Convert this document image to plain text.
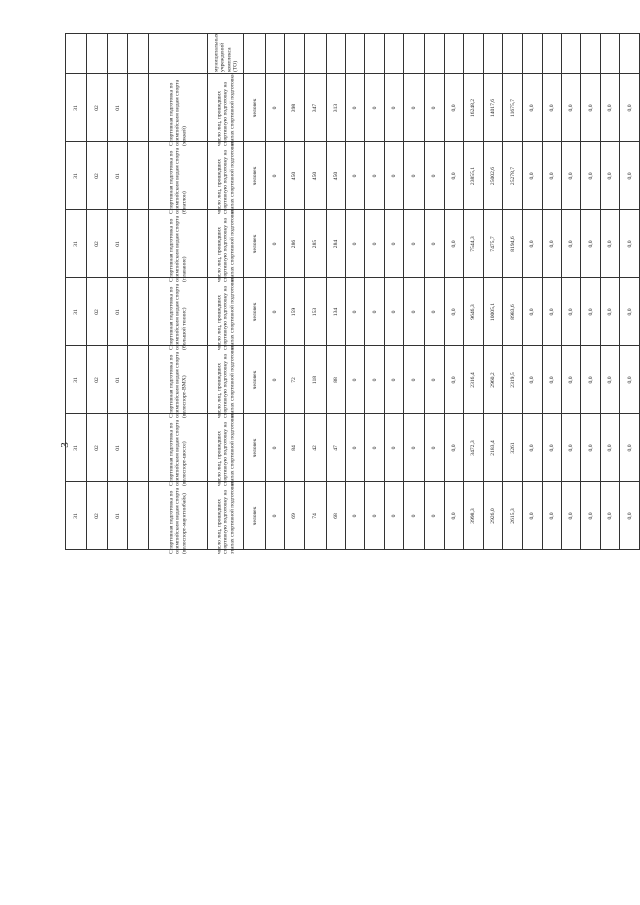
3

					муниципальных
учреждений
комплекса (ТО)																				

31	02	01		Спортивная подготовка по олимпийским видам спорта (хоккей)	число лиц, прошедших спортивную подготовку на этапах спортивной подготовки	человек	0	398	347	313	0	0	0	0	0	0,0	16248,2	14017,6	11675,7	0,0	0,0	0,0	0,0	0,0	0,0

31	02	01		Спортивная подготовка по олимпийским видам спорта (биатлон)	число лиц, прошедших спортивную подготовку на этапах спортивной подготовки	человек	0	450	450	450	0	0	0	0	0	0,0	23855,1	25002,6	25278,7	0,0	0,0	0,0	0,0	0,0	0,0

31	02	01		Спортивная подготовка по олимпийским видам спорта (плавание)	число лиц, прошедших спортивную подготовку на этапах спортивной подготовки	человек	0	286	285	284	0	0	0	0	0	0,0	7544,3	7475,7	8194,6	0,0	0,0	0,0	0,0	0,0	0,0

31	02	01		Спортивная подготовка по олимпийским видам спорта (большой теннис)	число лиц, прошедших спортивную подготовку на этапах спортивной подготовки	человек	0	159	153	134	0	0	0	0	0	0,0	9646,3	10005,1	8983,6	0,0	0,0	0,0	0,0	0,0	0,0

31	02	01		Спортивная подготовка по олимпийским видам спорта (велоспорт-BMX)	число лиц, прошедших спортивную подготовку на этапах спортивной подготовки	человек	0	72	118	88	0	0	0	0	0	0,0	2316,4	2960,2	2319,5	0,0	0,0	0,0	0,0	0,0	0,0

31	02	01		Спортивная подготовка по олимпийским видам спорта (велоспорт-шоссе)	число лиц, прошедших спортивную подготовку на этапах спортивной подготовки	человек	0	84	42	47	0	0	0	0	0	0,0	3472,3	2183,4	3261	0,0	0,0	0,0	0,0	0,0	0,0

31	02	01		Спортивная подготовка по олимпийским видам спорта (велоспорт-маунтинбайк)	число лиц, прошедших спортивную подготовку на этапах спортивной подготовки	человек	0	69	74	68	0	0	0	0	0	0,0	3998,3	2926,0	2615,3	0,0	0,0	0,0	0,0	0,0	0,0
